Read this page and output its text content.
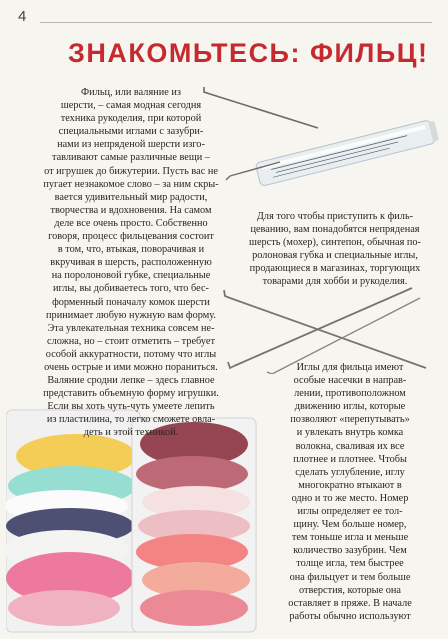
4
ЗНАКОМЬТЕСЬ: ФИЛЬЦ!

Фильц, или валяние из
шерсти, – самая модная сегодня
техника рукоделия, при которой
специальными иглами с зазубри-
нами из непряденой шерсти изго-
тавливают самые различные вещи –
от игрушек до бижутерии. Пусть вас не
пугает незнакомое слово – за ним скры-
вается удивительный мир радости,
творчества и вдохновения. На самом
деле все очень просто. Собственно
говоря, процесс фильцевания состоит
в том, что, втыкая, поворачивая и
вкручивая в шерсть, расположенную
на поролоновой губке, специальные
иглы, вы добиваетесь того, что бес-
форменный поначалу комок шерсти
принимает любую нужную вам форму.
Эта увлекательная техника совсем не-
сложна, но – стоит отметить – требует
особой аккуратности, потому что иглы
очень острые и ими можно пораниться.
Валяние сродни лепке – здесь главное
представить объемную форму игрушки.
Если вы хоть чуть-чуть умеете лепить
из пластилина, то легко сможете овла-
деть и этой техникой.

Для того чтобы приступить к филь-
цеванию, вам понадобятся непряденая
шерсть (мохер), синтепон, обычная по-
ролоновая губка и специальные иглы,
продающиеся в магазинах, торгующих
товарами для хобби и рукоделия.

Иглы для фильца имеют
особые насечки в направ-
лении, противоположном
движению иглы, которые
позволяют «перепутывать»
и увлекать внутрь комка
волокна, сваливая их все
плотнее и плотнее. Чтобы
сделать углубление, иглу
многократно втыкают в
одно и то же место. Номер
иглы определяет ее тол-
щину. Чем больше номер,
тем тоньше игла и меньше
количество зазубрин. Чем
толще игла, тем быстрее
она фильцует и тем больше
отверстия, которые она
оставляет в пряже. В начале
работы обычно используют
